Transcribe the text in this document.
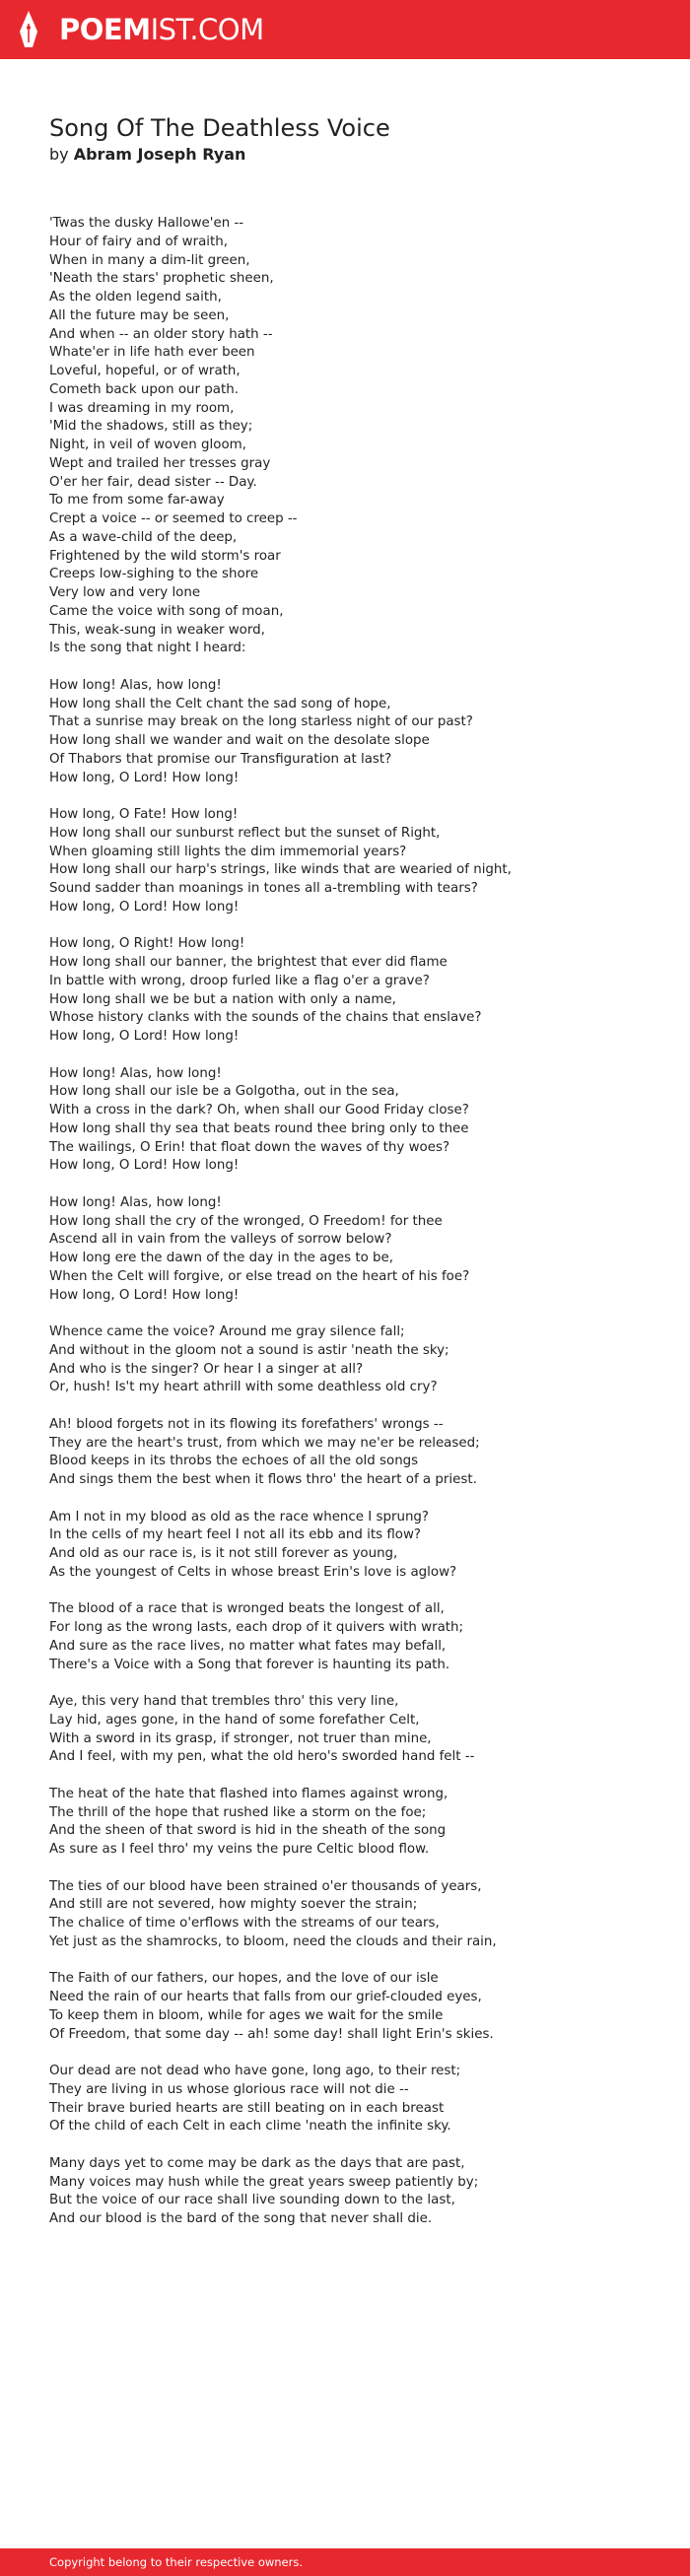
POEMIST.COM
Song Of The Deathless Voice
by Abram Joseph Ryan
'Twas the dusky Hallowe'en --
Hour of fairy and of wraith,
When in many a dim-lit green,
'Neath the stars' prophetic sheen,
As the olden legend saith,
All the future may be seen,
And when -- an older story hath --
Whate'er in life hath ever been
Loveful, hopeful, or of wrath,
Cometh back upon our path.
I was dreaming in my room,
'Mid the shadows, still as they;
Night, in veil of woven gloom,
Wept and trailed her tresses gray
O'er her fair, dead sister -- Day.
To me from some far-away
Crept a voice -- or seemed to creep --
As a wave-child of the deep,
Frightened by the wild storm's roar
Creeps low-sighing to the shore
Very low and very lone
Came the voice with song of moan,
This, weak-sung in weaker word,
Is the song that night I heard:
How long! Alas, how long!
How long shall the Celt chant the sad song of hope,
That a sunrise may break on the long starless night of our past?
How long shall we wander and wait on the desolate slope
Of Thabors that promise our Transfiguration at last?
How long, O Lord! How long!
How long, O Fate! How long!
How long shall our sunburst reflect but the sunset of Right,
When gloaming still lights the dim immemorial years?
How long shall our harp's strings, like winds that are wearied of night,
Sound sadder than moanings in tones all a-trembling with tears?
How long, O Lord! How long!
How long, O Right! How long!
How long shall our banner, the brightest that ever did flame
In battle with wrong, droop furled like a flag o'er a grave?
How long shall we be but a nation with only a name,
Whose history clanks with the sounds of the chains that enslave?
How long, O Lord! How long!
How long! Alas, how long!
How long shall our isle be a Golgotha, out in the sea,
With a cross in the dark? Oh, when shall our Good Friday close?
How long shall thy sea that beats round thee bring only to thee
The wailings, O Erin! that float down the waves of thy woes?
How long, O Lord! How long!
How long! Alas, how long!
How long shall the cry of the wronged, O Freedom! for thee
Ascend all in vain from the valleys of sorrow below?
How long ere the dawn of the day in the ages to be,
When the Celt will forgive, or else tread on the heart of his foe?
How long, O Lord! How long!
Whence came the voice? Around me gray silence fall;
And without in the gloom not a sound is astir 'neath the sky;
And who is the singer? Or hear I a singer at all?
Or, hush! Is't my heart athrill with some deathless old cry?
Ah! blood forgets not in its flowing its forefathers' wrongs --
They are the heart's trust, from which we may ne'er be released;
Blood keeps in its throbs the echoes of all the old songs
And sings them the best when it flows thro' the heart of a priest.
Am I not in my blood as old as the race whence I sprung?
In the cells of my heart feel I not all its ebb and its flow?
And old as our race is, is it not still forever as young,
As the youngest of Celts in whose breast Erin's love is aglow?
The blood of a race that is wronged beats the longest of all,
For long as the wrong lasts, each drop of it quivers with wrath;
And sure as the race lives, no matter what fates may befall,
There's a Voice with a Song that forever is haunting its path.
Aye, this very hand that trembles thro' this very line,
Lay hid, ages gone, in the hand of some forefather Celt,
With a sword in its grasp, if stronger, not truer than mine,
And I feel, with my pen, what the old hero's sworded hand felt --
The heat of the hate that flashed into flames against wrong,
The thrill of the hope that rushed like a storm on the foe;
And the sheen of that sword is hid in the sheath of the song
As sure as I feel thro' my veins the pure Celtic blood flow.
The ties of our blood have been strained o'er thousands of years,
And still are not severed, how mighty soever the strain;
The chalice of time o'erflows with the streams of our tears,
Yet just as the shamrocks, to bloom, need the clouds and their rain,
The Faith of our fathers, our hopes, and the love of our isle
Need the rain of our hearts that falls from our grief-clouded eyes,
To keep them in bloom, while for ages we wait for the smile
Of Freedom, that some day -- ah! some day! shall light Erin's skies.
Our dead are not dead who have gone, long ago, to their rest;
They are living in us whose glorious race will not die --
Their brave buried hearts are still beating on in each breast
Of the child of each Celt in each clime 'neath the infinite sky.
Many days yet to come may be dark as the days that are past,
Many voices may hush while the great years sweep patiently by;
But the voice of our race shall live sounding down to the last,
And our blood is the bard of the song that never shall die.
Copyright belong to their respective owners.
